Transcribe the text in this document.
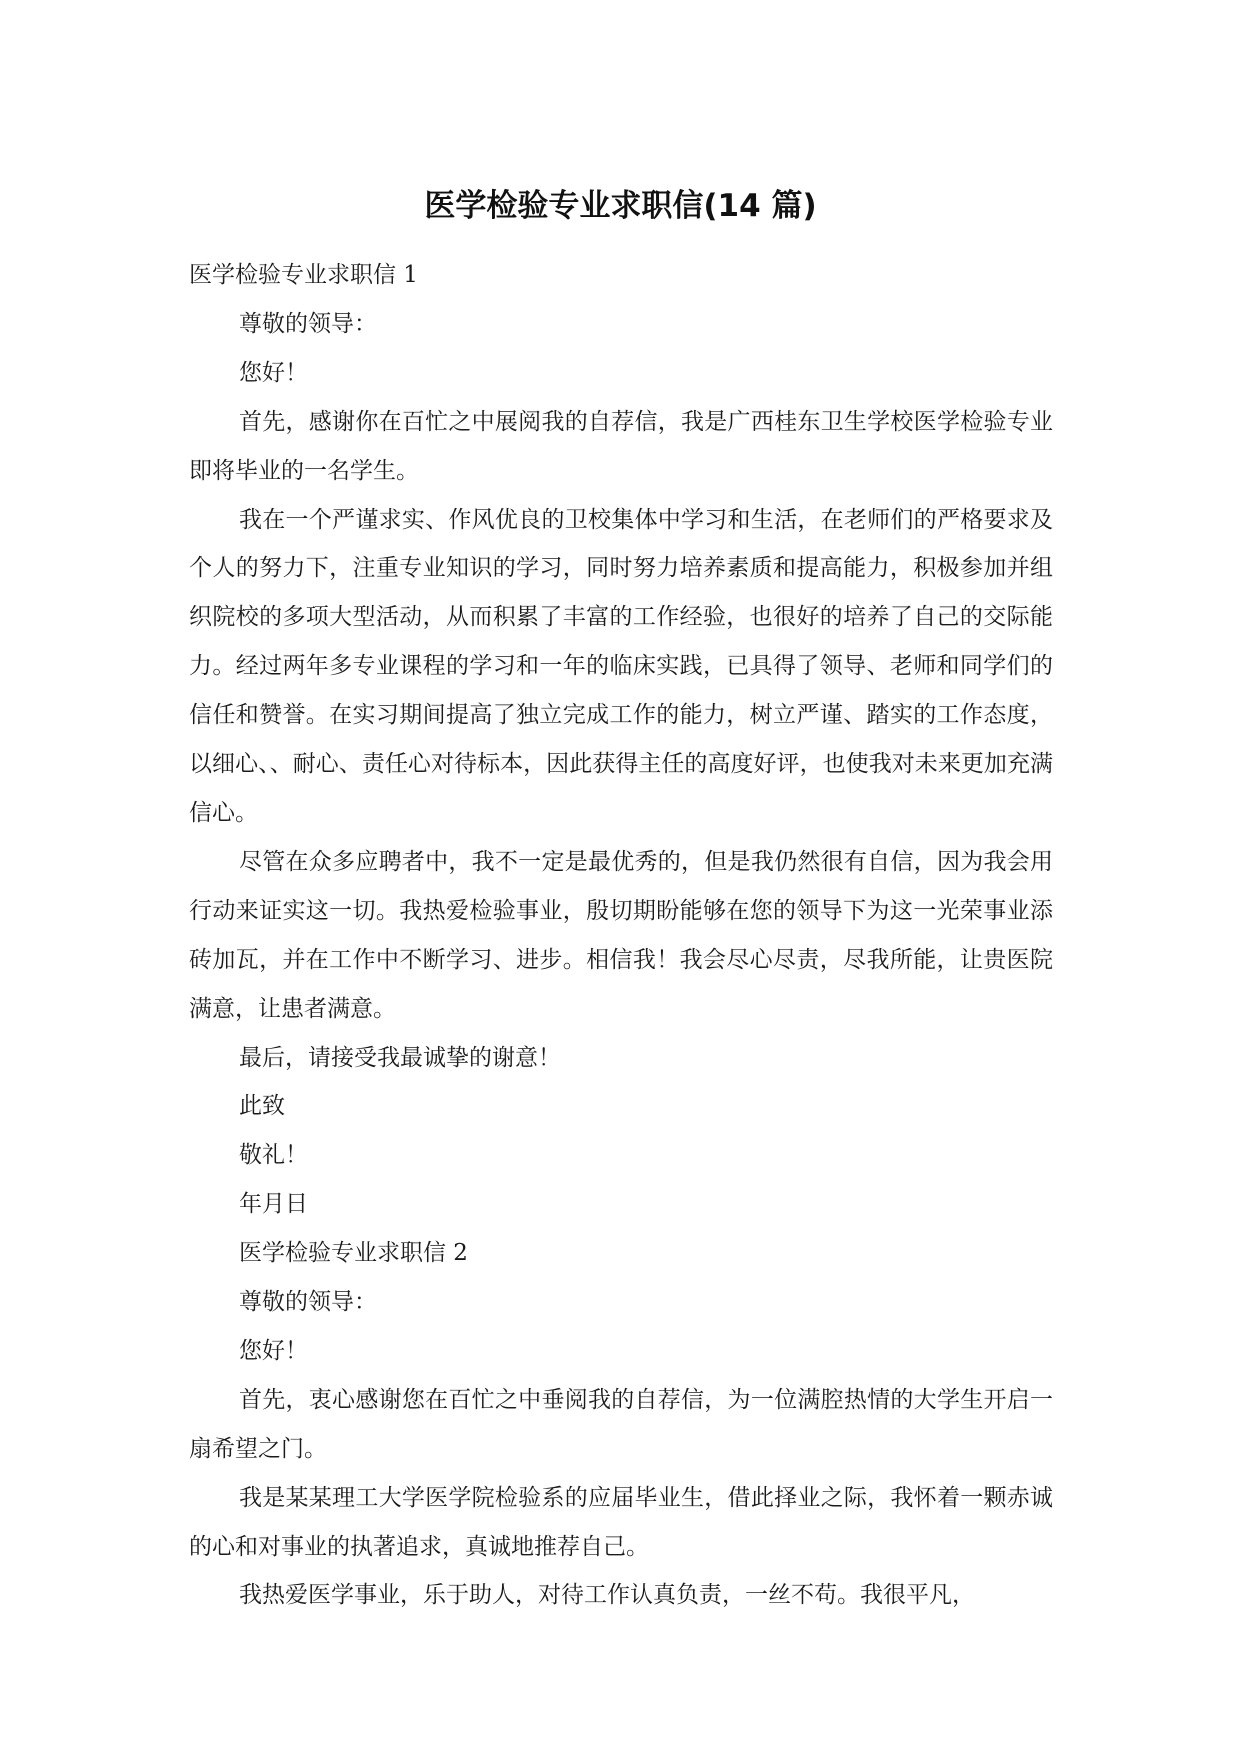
医学检验专业求职信(14 篇)

医学检验专业求职信 1

尊敬的领导：

您好！

首先，感谢你在百忙之中展阅我的自荐信，我是广西桂东卫生学校医学检验专业即将毕业的一名学生。

我在一个严谨求实、作风优良的卫校集体中学习和生活，在老师们的严格要求及个人的努力下，注重专业知识的学习，同时努力培养素质和提高能力，积极参加并组织院校的多项大型活动，从而积累了丰富的工作经验，也很好的培养了自己的交际能力。经过两年多专业课程的学习和一年的临床实践，已具得了领导、老师和同学们的信任和赞誉。在实习期间提高了独立完成工作的能力，树立严谨、踏实的工作态度，以细心、、耐心、责任心对待标本，因此获得主任的高度好评，也使我对未来更加充满信心。

尽管在众多应聘者中，我不一定是最优秀的，但是我仍然很有自信，因为我会用行动来证实这一切。我热爱检验事业，殷切期盼能够在您的领导下为这一光荣事业添砖加瓦，并在工作中不断学习、进步。相信我！我会尽心尽责，尽我所能，让贵医院满意，让患者满意。

最后，请接受我最诚挚的谢意！

此致

敬礼！

年月日

医学检验专业求职信 2

尊敬的领导：

您好！

首先，衷心感谢您在百忙之中垂阅我的自荐信，为一位满腔热情的大学生开启一扇希望之门。

我是某某理工大学医学院检验系的应届毕业生，借此择业之际，我怀着一颗赤诚的心和对事业的执著追求，真诚地推荐自己。

我热爱医学事业，乐于助人，对待工作认真负责，一丝不苟。我很平凡，
